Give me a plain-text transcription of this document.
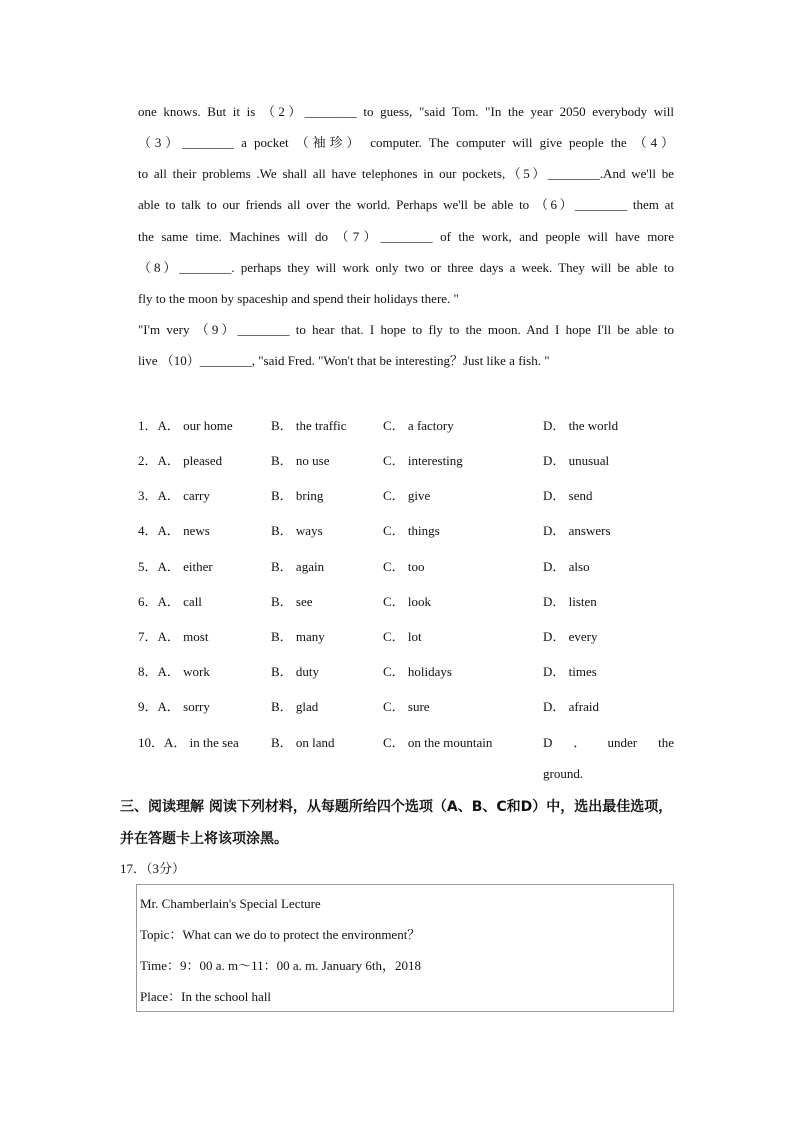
one knows. But it is （2）________ to guess, "said Tom. "In the year 2050 everybody will
（3）________ a pocket （袖珍） computer. The computer will give people the （4）
to all their problems .We shall all have telephones in our pockets,（5）________.And we'll be
able to talk to our friends all over the world. Perhaps we'll be able to （6）________ them at
the same time. Machines will do （7）________ of the work, and people will have more
（8）________. perhaps they will work only two or three days a week. They will be able to
fly to the moon by spaceship and spend their holidays there. "
"I'm very （9）________ to hear that. I hope to fly to the moon. And I hope I'll be able to
live （10）________, "said Fred. "Won't that be interesting？Just like a fish. "
1．A． our home	B． the traffic	C． a factory	D． the world
2．A． pleased	B． no use	C． interesting	D． unusual
3．A． carry	B． bring	C． give	D． send
4．A． news	B． ways	C． things	D． answers
5．A． either	B． again	C． too	D． also
6．A． call	B． see	C． look	D． listen
7．A． most	B． many	C． lot	D． every
8．A． work	B． duty	C． holidays	D． times
9．A． sorry	B． glad	C． sure	D． afraid
10．A． in the sea B． on land	C． on the mountain	D ． under the
ground.
三、阅读理解 阅读下列材料，从每题所给四个选项（A、B、C和D）中，选出最佳选项，
并在答题卡上将该项涂黑。
17．（3分）
Mr. Chamberlain's Special Lecture
Topic：What can we do to protect the environment？
Time：9：00 a. m～11：00 a. m. January 6th，2018
Place：In the school hall
